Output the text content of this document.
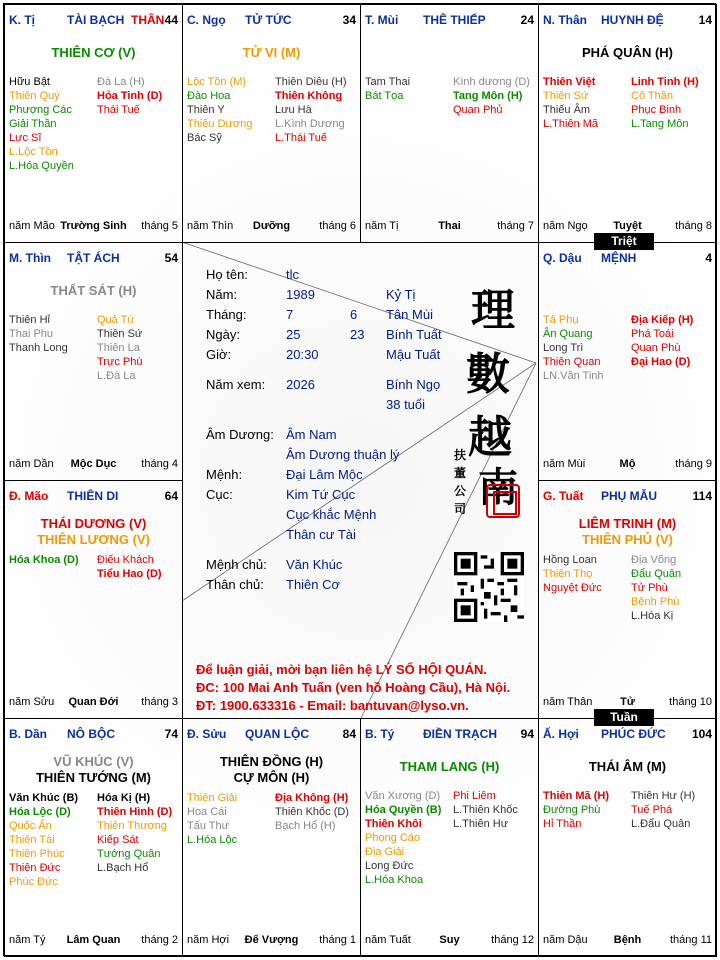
Họ tên:	tlc
Năm:	1989	Kỷ Tị
Tháng:	7	6 Tân Mùi
Ngày:	25	23 Bính Tuất
Giờ:	20:30	Mậu Tuất
Năm xem: 2026	Bính Ngọ
38 tuổi
Âm Dương: Âm Nam
Âm Dương thuận lý
Mệnh:	Đại Lâm Mộc
Cục:	Kim Tứ Cục
Cục khắc Mệnh
Thân cư Tài
Mệnh chủ: Văn Khúc
Thân chủ: Thiên Cơ
理
數
越
南
扶
董
公
司
Để luận giải, mời bạn liên hệ LÝ SỐ HỘI QUÁN.
ĐC: 100 Mai Anh Tuấn (ven hồ Hoàng Cầu), Hà Nội.
ĐT: 1900.633316 - Email: bantuvan@lyso.vn.
K. Tị	TÀI BẠCH THÂN 44
THIÊN CƠ (V)
Hữu Bật
Thiên Quý
Phượng Các
Giải Thần
Lực Sĩ
L.Lộc Tồn
L.Hóa Quyền
Đà La (H)
Hỏa Tinh (D)
Thái Tuế
năm Mão Trường Sinh	tháng 5
C. Ngọ TỬ TỨC	34
TỬ VI (M)
Lộc Tồn (M)
Đào Hoa
Thiên Y
Thiếu Dương
Bác Sỹ
Thiên Diêu (H)
Thiên Không
Lưu Hà
L.Kình Dương
L.Thái Tuế
năm Thìn	Dưỡng	tháng 6
T. Mùi THÊ THIẾP	24
Tam Thai
Bát Tọa
Kình dương (D)
Tang Môn (H)
Quan Phủ
năm Tị	Thai	tháng 7
N. Thân HUYNH ĐỆ	14
PHÁ QUÂN (H)
Thiên Việt
Thiên Sứ
Thiếu Âm
L.Thiên Mã
Linh Tinh (H)
Cô Thần
Phục Binh
L.Tang Môn
năm Ngọ	Tuyệt	tháng 8
M. Thìn TẬT ÁCH	54
THẤT SÁT (H)
Thiên Hỉ
Thai Phụ
Thanh Long
Quả Tú
Thiên Sứ
Thiên La
Trực Phù
L.Đà La
năm Dần	Mộc Dục	tháng 4
Q. Dậu MỆNH	4
Tả Phụ
Ân Quang
Long Trì
Thiên Quan
LN.Văn Tinh
Địa Kiếp (H)
Phá Toái
Quan Phù
Đại Hao (D)
năm Mùi	Mộ	tháng 9
Đ. Mão THIÊN DI	64
THÁI DƯƠNG (V)
THIÊN LƯƠNG (V)
Hóa Khoa (D) Điếu Khách
Tiểu Hao (D)
năm Sửu	Quan Đới	tháng 3
G. Tuất PHỤ MẪU	114
LIÊM TRINH (M)
THIÊN PHỦ (V)
Hồng Loan
Thiên Thọ
Nguyệt Đức
Địa Võng
Đẩu Quân
Tử Phù
Bệnh Phù
L.Hóa Kị
năm Thân	Tử	tháng 10
B. Dần NÔ BỘC	74
VŨ KHÚC (V)
THIÊN TƯỚNG (M)
Văn Khúc (B)
Hóa Lộc (D)
Quốc Ấn
Thiên Tài
Thiên Phúc
Thiên Đức
Phúc Đức
Hóa Kị (H)
Thiên Hình (D)
Thiên Thương
Kiếp Sát
Tướng Quân
L.Bạch Hổ
năm Tý	Lâm Quan	tháng 2
Đ. Sửu QUAN LỘC	84
THIÊN ĐỒNG (H)
CỰ MÔN (H)
Thiên Giải
Hoa Cái
Tấu Thư
L.Hóa Lộc
Địa Không (H)
Thiên Khốc (D)
Bạch Hổ (H)
năm Hợi	Đế Vượng	tháng 1
B. Tý ĐIỀN TRẠCH 94
THAM LANG (H)
Văn Xương (D)
Hóa Quyền (B)
Thiên Khôi
Phong Cáo
Địa Giải
Long Đức
L.Hóa Khoa
Phi Liêm
L.Thiên Khốc
L.Thiên Hư
năm Tuất	Suy	tháng 12
Ấ. Hợi PHÚC ĐỨC 104
THÁI ÂM (M)
Thiên Mã (H)
Đường Phù
Hỉ Thần
Thiên Hư (H)
Tuế Phá
L.Đẩu Quân
năm Dậu	Bệnh	tháng 11
Triệt
Tuần
